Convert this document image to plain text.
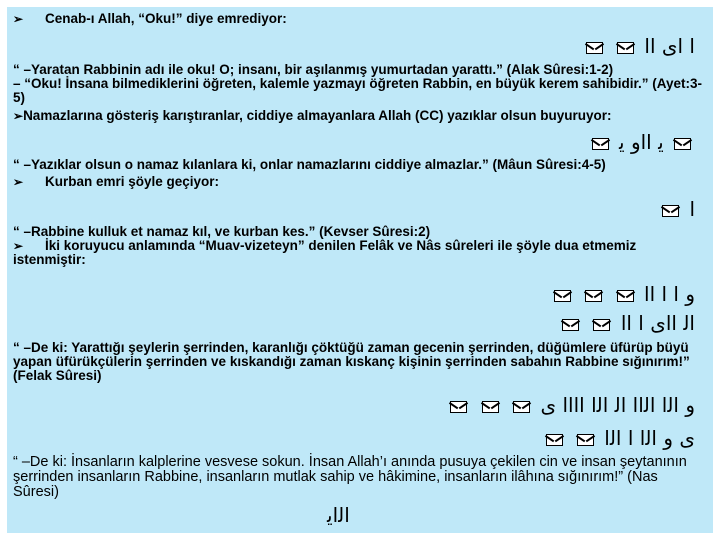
➢ Cenab-ı Allah, “Oku!” diye emrediyor:
ﺍ ﺍﻯ ﺍﺍ
“ –Yaratan Rabbinin adı ile oku! O; insanı, bir aşılanmış yumurtadan yarattı.” (Alak Sûresi:1-2)
– “Oku! İnsana bilmediklerini öğreten, kalemle yazmayı öğreten Rabbin, en büyük kerem sahibidir.” (Ayet:3-5)
➢Namazlarına gösteriş karıştıranlar, ciddiye almayanlara Allah (CC) yazıklar olsun buyuruyor:
ﻳ ﺍﺍﻭ ﻳ
“ –Yazıklar olsun o namaz kılanlara ki, onlar namazlarını ciddiye almazlar.” (Mâun Sûresi:4-5)
➢ Kurban emri şöyle geçiyor:
ﺍ
“ –Rabbine kulluk et namaz kıl, ve kurban kes.” (Kevser Sûresi:2)
➢ İki koruyucu anlamında “Muav-vizeteyn” denilen Felâk ve Nâs sûreleri ile şöyle dua etmemiz istenmiştir:
ﻭ ﺍ ﺍ ﺍﺍ
ﺍﻟ ﺍﺍﻯ ﺍ ﺍﺍ
“ –De ki: Yarattığı şeylerin şerrinden, karanlığı çöktüğü zaman gecenin şerrinden, düğümlere üfürüp büyü yapan üfürükçülerin şerrinden ve kıskandığı zaman kıskanç kişinin şerrinden sabahın Rabbine sığınırım!” (Felak Sûresi)
ﻭ ﺍﻟﺍ ﺍﻟﺍﺍ ﺍﻟ ﺍﻟﺍ ﺍﺍﺍﺍ ﻯ
ﻯ ﻭ ﺍﻟﺍ ﺍ ﺍﻟﺍ
“ –De ki: İnsanların kalplerine vesvese sokun. İnsan Allah’ı anında pusuya çekilen cin ve insan şeytanının şerrinden insanların Rabbine, insanların mutlak sahip ve hâkimine, insanların ilâhına sığınırım!” (Nas Sûresi)
ﺍﻟﺍﻳ
